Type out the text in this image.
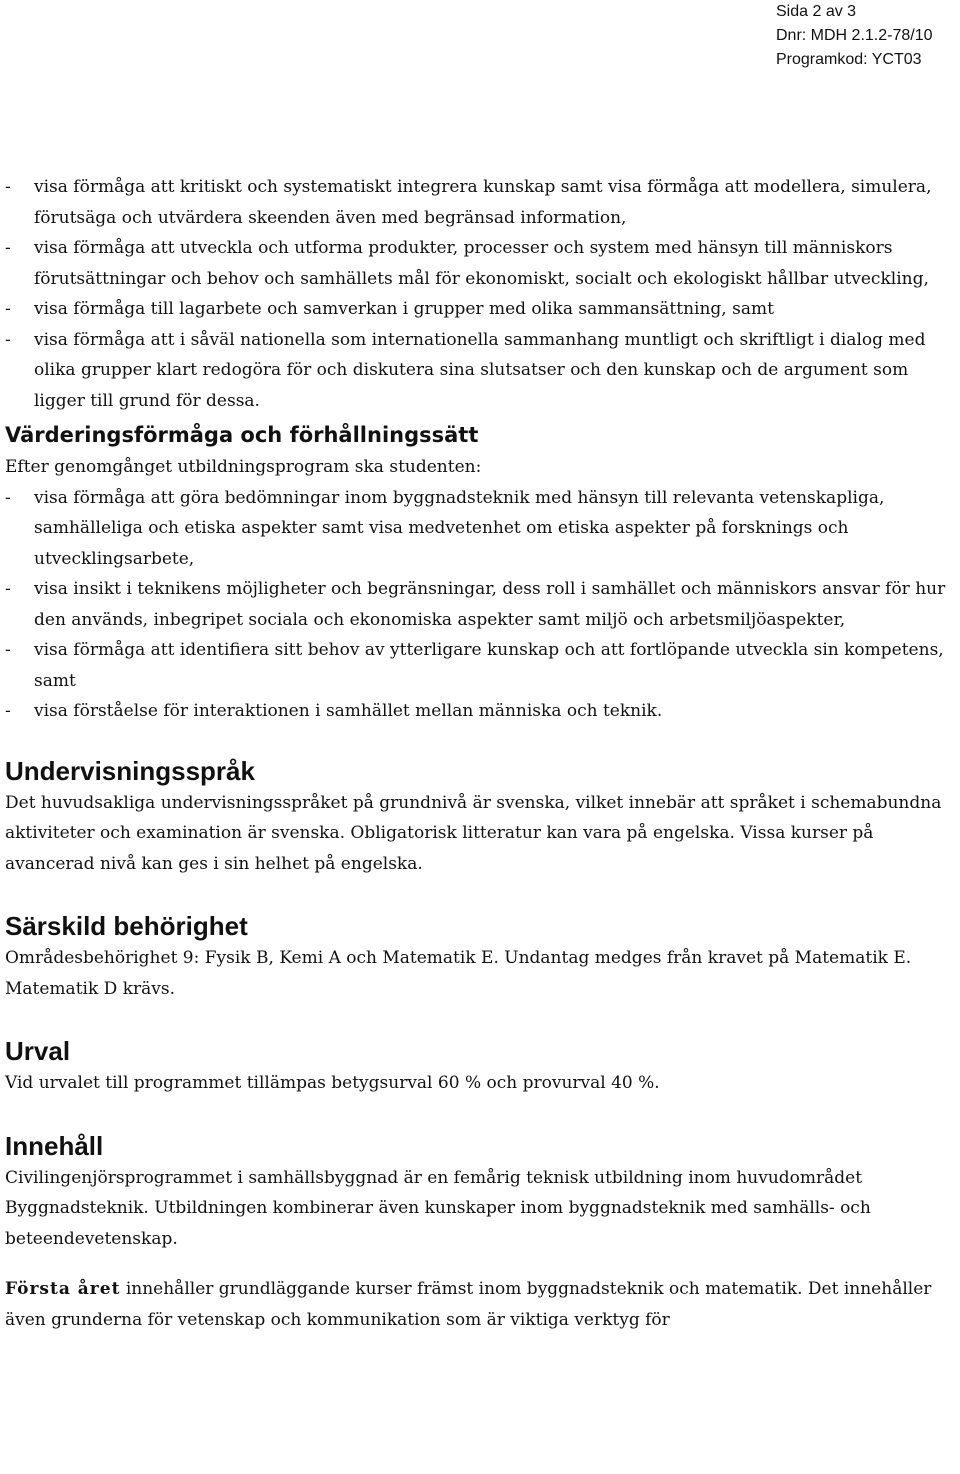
Sida 2 av 3
Dnr: MDH 2.1.2-78/10
Programkod: YCT03
-	visa förmåga att kritiskt och systematiskt integrera kunskap samt visa förmåga att modellera, simulera, förutsäga och utvärdera skeenden även med begränsad information,
-	visa förmåga att utveckla och utforma produkter, processer och system med hänsyn till människors förutsättningar och behov och samhällets mål för ekonomiskt, socialt och ekologiskt hållbar utveckling,
-	visa förmåga till lagarbete och samverkan i grupper med olika sammansättning, samt
-	visa förmåga att i såväl nationella som internationella sammanhang muntligt och skriftligt i dialog med olika grupper klart redogöra för och diskutera sina slutsatser och den kunskap och de argument som ligger till grund för dessa.
Värderingsförmåga och förhållningssätt

Efter genomgånget utbildningsprogram ska studenten:

-	visa förmåga att göra bedömningar inom byggnadsteknik med hänsyn till relevanta vetenskapliga, samhälleliga och etiska aspekter samt visa medvetenhet om etiska aspekter på forsknings och utvecklingsarbete,
-	visa insikt i teknikens möjligheter och begränsningar, dess roll i samhället och människors ansvar för hur den används, inbegripet sociala och ekonomiska aspekter samt miljö och arbetsmiljöaspekter,
-	visa förmåga att identifiera sitt behov av ytterligare kunskap och att fortlöpande utveckla sin kompetens, samt
-	visa förståelse för interaktionen i samhället mellan människa och teknik.
Undervisningsspråk

Det huvudsakliga undervisningsspråket på grundnivå är svenska, vilket innebär att språket i schemabundna aktiviteter och examination är svenska. Obligatorisk litteratur kan vara på engelska. Vissa kurser på avancerad nivå kan ges i sin helhet på engelska.

Särskild behörighet

Områdesbehörighet 9: Fysik B, Kemi A och Matematik E. Undantag medges från kravet på Matematik E. Matematik D krävs.

Urval

Vid urvalet till programmet tillämpas betygsurval 60 % och provurval 40 %.

Innehåll

Civilingenjörsprogrammet i samhällsbyggnad är en femårig teknisk utbildning inom huvudområdet Byggnadsteknik. Utbildningen kombinerar även kunskaper inom byggnadsteknik med samhälls- och beteendevetenskap.

Första året innehåller grundläggande kurser främst inom byggnadsteknik och matematik. Det innehåller även grunderna för vetenskap och kommunikation som är viktiga verktyg för
